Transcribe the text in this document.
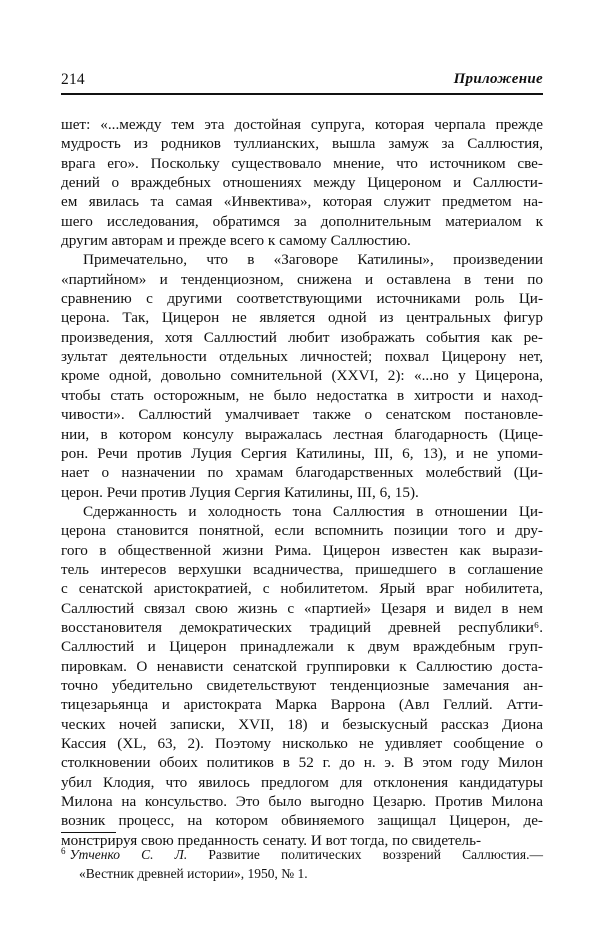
214	Приложение
шет: «...между тем эта достойная супруга, которая черпала прежде
мудрость из родников туллианских, вышла замуж за Саллюстия,
врага его». Поскольку существовало мнение, что источником све-
дений о враждебных отношениях между Цицероном и Саллюсти-
ем явилась та самая «Инвектива», которая служит предметом на-
шего исследования, обратимся за дополнительным материалом к
другим авторам и прежде всего к самому Саллюстию.
Примечательно, что в «Заговоре Катилины», произведении
«партийном» и тенденциозном, снижена и оставлена в тени по
сравнению с другими соответствующими источниками роль Ци-
церона. Так, Цицерон не является одной из центральных фигур
произведения, хотя Саллюстий любит изображать события как ре-
зультат деятельности отдельных личностей; похвал Цицерону нет,
кроме одной, довольно сомнительной (XXVI, 2): «...но у Цицерона,
чтобы стать осторожным, не было недостатка в хитрости и наход-
чивости». Саллюстий умалчивает также о сенатском постановле-
нии, в котором консулу выражалась лестная благодарность (Цице-
рон. Речи против Луция Сергия Катилины, III, 6, 13), и не упоми-
нает о назначении по храмам благодарственных молебствий (Ци-
церон. Речи против Луция Сергия Катилины, III, 6, 15).
Сдержанность и холодность тона Саллюстия в отношении Ци-
церона становится понятной, если вспомнить позиции того и дру-
гого в общественной жизни Рима. Цицерон известен как вырази-
тель интересов верхушки всадничества, пришедшего в соглашение
с сенатской аристократией, с нобилитетом. Ярый враг нобилитета,
Саллюстий связал свою жизнь с «партией» Цезаря и видел в нем
восстановителя демократических традиций древней республики⁶.
Саллюстий и Цицерон принадлежали к двум враждебным груп-
пировкам. О ненависти сенатской группировки к Саллюстию доста-
точно убедительно свидетельствуют тенденциозные замечания ан-
тицезарьянца и аристократа Марка Варрона (Авл Геллий. Атти-
ческих ночей записки, XVII, 18) и безыскусный рассказ Диона
Кассия (XL, 63, 2). Поэтому нисколько не удивляет сообщение о
столкновении обоих политиков в 52 г. до н. э. В этом году Милон
убил Клодия, что явилось предлогом для отклонения кандидатуры
Милона на консульство. Это было выгодно Цезарю. Против Милона
возник процесс, на котором обвиняемого защищал Цицерон, де-
монстрируя свою преданность сенату. И вот тогда, по свидетель-
$^6$ Утченко С. Л. Развитие политических воззрений Саллюстия.—
«Вестник древней истории», 1950, № 1.
